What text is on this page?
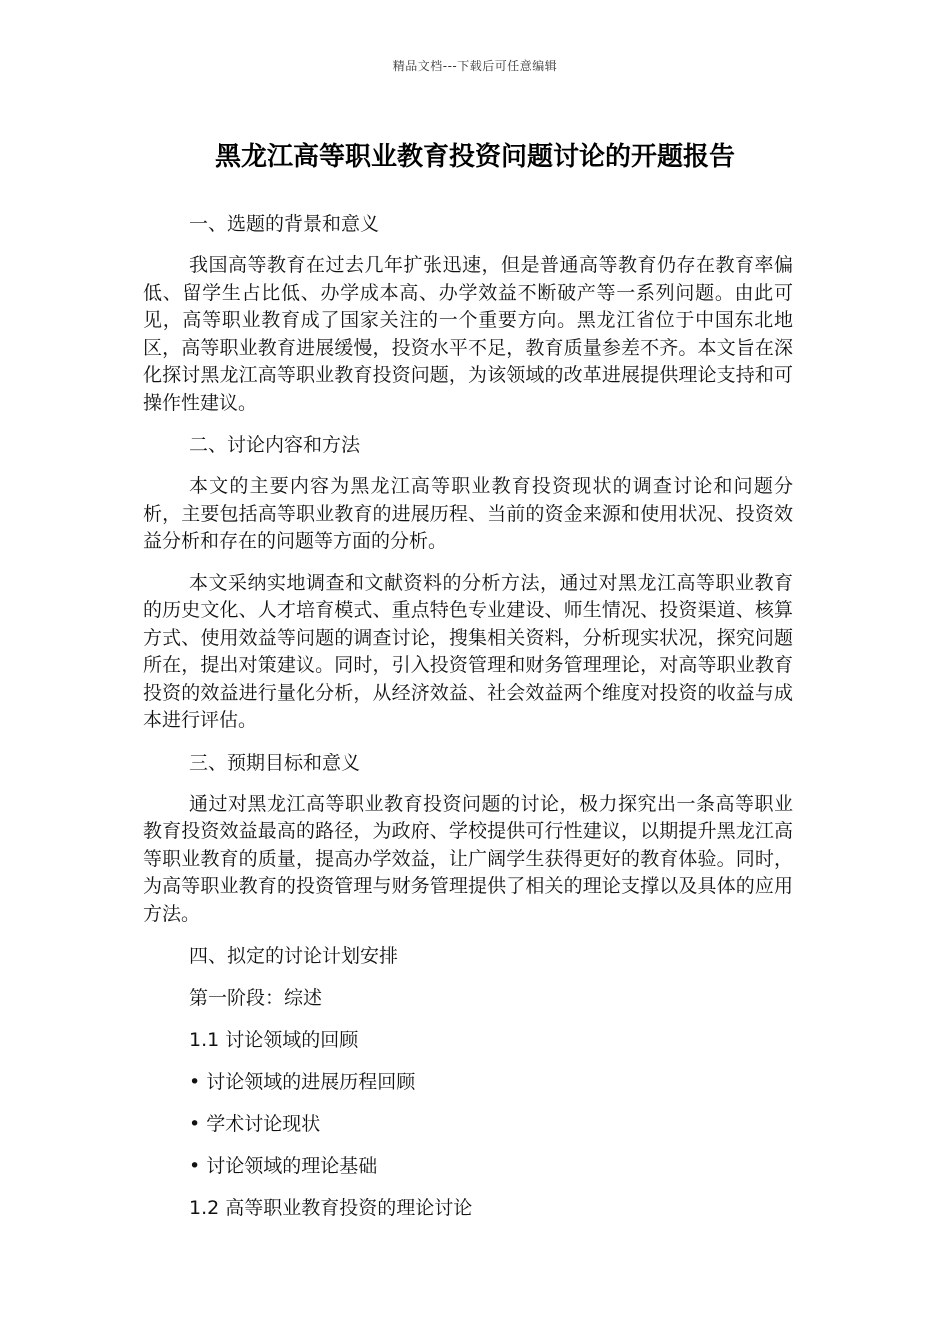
精品文档---下载后可任意编辑
黑龙江高等职业教育投资问题讨论的开题报告

一、选题的背景和意义

我国高等教育在过去几年扩张迅速，但是普通高等教育仍存在教育率偏低、留学生占比低、办学成本高、办学效益不断破产等一系列问题。由此可见，高等职业教育成了国家关注的一个重要方向。黑龙江省位于中国东北地区，高等职业教育进展缓慢，投资水平不足，教育质量参差不齐。本文旨在深化探讨黑龙江高等职业教育投资问题，为该领域的改革进展提供理论支持和可操作性建议。

二、讨论内容和方法

本文的主要内容为黑龙江高等职业教育投资现状的调查讨论和问题分析，主要包括高等职业教育的进展历程、当前的资金来源和使用状况、投资效益分析和存在的问题等方面的分析。

本文采纳实地调查和文献资料的分析方法，通过对黑龙江高等职业教育的历史文化、人才培育模式、重点特色专业建设、师生情况、投资渠道、核算方式、使用效益等问题的调查讨论，搜集相关资料，分析现实状况，探究问题所在，提出对策建议。同时，引入投资管理和财务管理理论，对高等职业教育投资的效益进行量化分析，从经济效益、社会效益两个维度对投资的收益与成本进行评估。

三、预期目标和意义

通过对黑龙江高等职业教育投资问题的讨论，极力探究出一条高等职业教育投资效益最高的路径，为政府、学校提供可行性建议，以期提升黑龙江高等职业教育的质量，提高办学效益，让广阔学生获得更好的教育体验。同时，为高等职业教育的投资管理与财务管理提供了相关的理论支撑以及具体的应用方法。

四、拟定的讨论计划安排

第一阶段：综述

1.1 讨论领域的回顾

• 讨论领域的进展历程回顾

• 学术讨论现状

• 讨论领域的理论基础

1.2 高等职业教育投资的理论讨论
